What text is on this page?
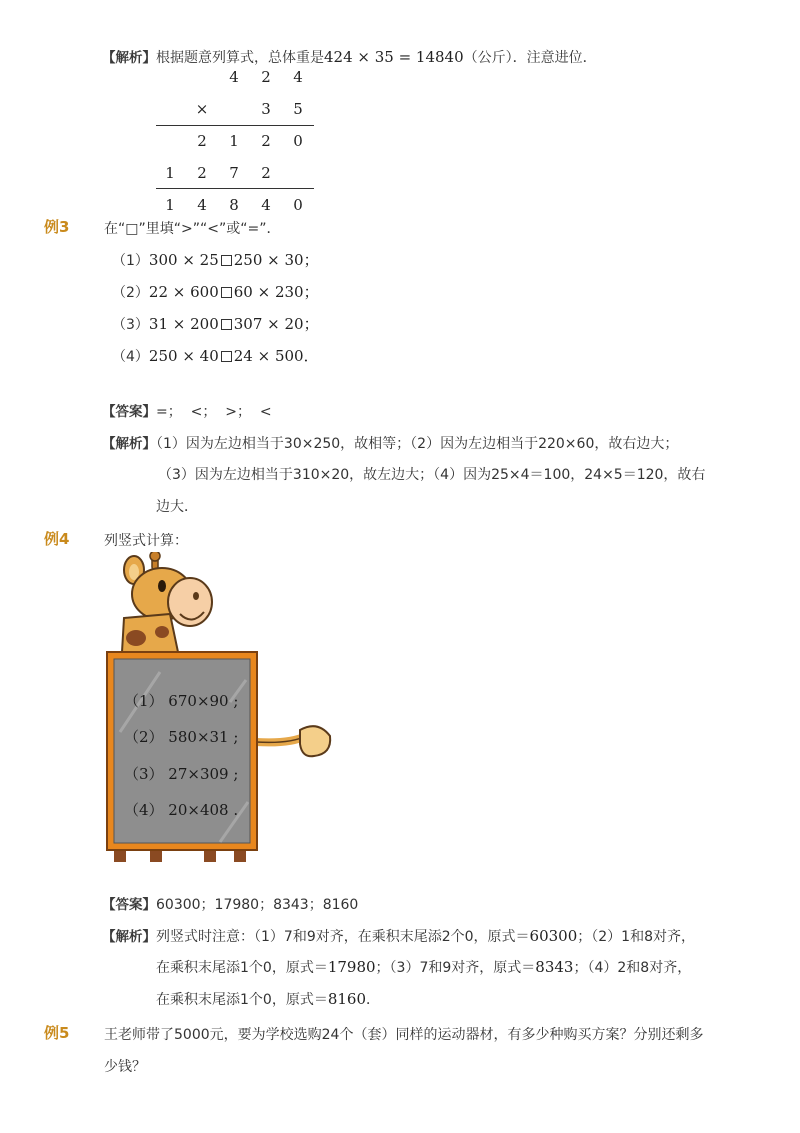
【解析】根据题意列算式，总体重是424 × 35 = 14840（公斤）．注意进位．
4	2	4
×	3	5
2	1	2	0
1	2	7	2
1	4	8	4	0
例3 在“□”里填“>”“<”或“=”．
（1）300 × 25 250 × 30；
（2）22 × 600 60 × 230；
（3）31 × 200 307 × 20；
（4）250 × 40 24 × 500．
【答案】=；  <；  >；  <
【解析】（1）因为左边相当于30×250，故相等；（2）因为左边相当于220×60，故右边大；
（3）因为左边相当于310×20，故左边大；（4）因为25×4＝100，24×5＝120，故右
边大．
例4 列竖式计算：
（1） 670×90 ;
（2） 580×31 ;
（3） 27×309 ;
（4） 20×408 .
【答案】60300；17980；8343；8160
【解析】列竖式时注意：（1）7和9对齐，在乘积末尾添2个0，原式＝60300；（2）1和8对齐，
在乘积末尾添1个0，原式＝17980；（3）7和9对齐，原式＝8343；（4）2和8对齐，
在乘积末尾添1个0，原式＝8160．
例5 王老师带了5000元，要为学校选购24个（套）同样的运动器材，有多少种购买方案？分别还剩多
少钱？
